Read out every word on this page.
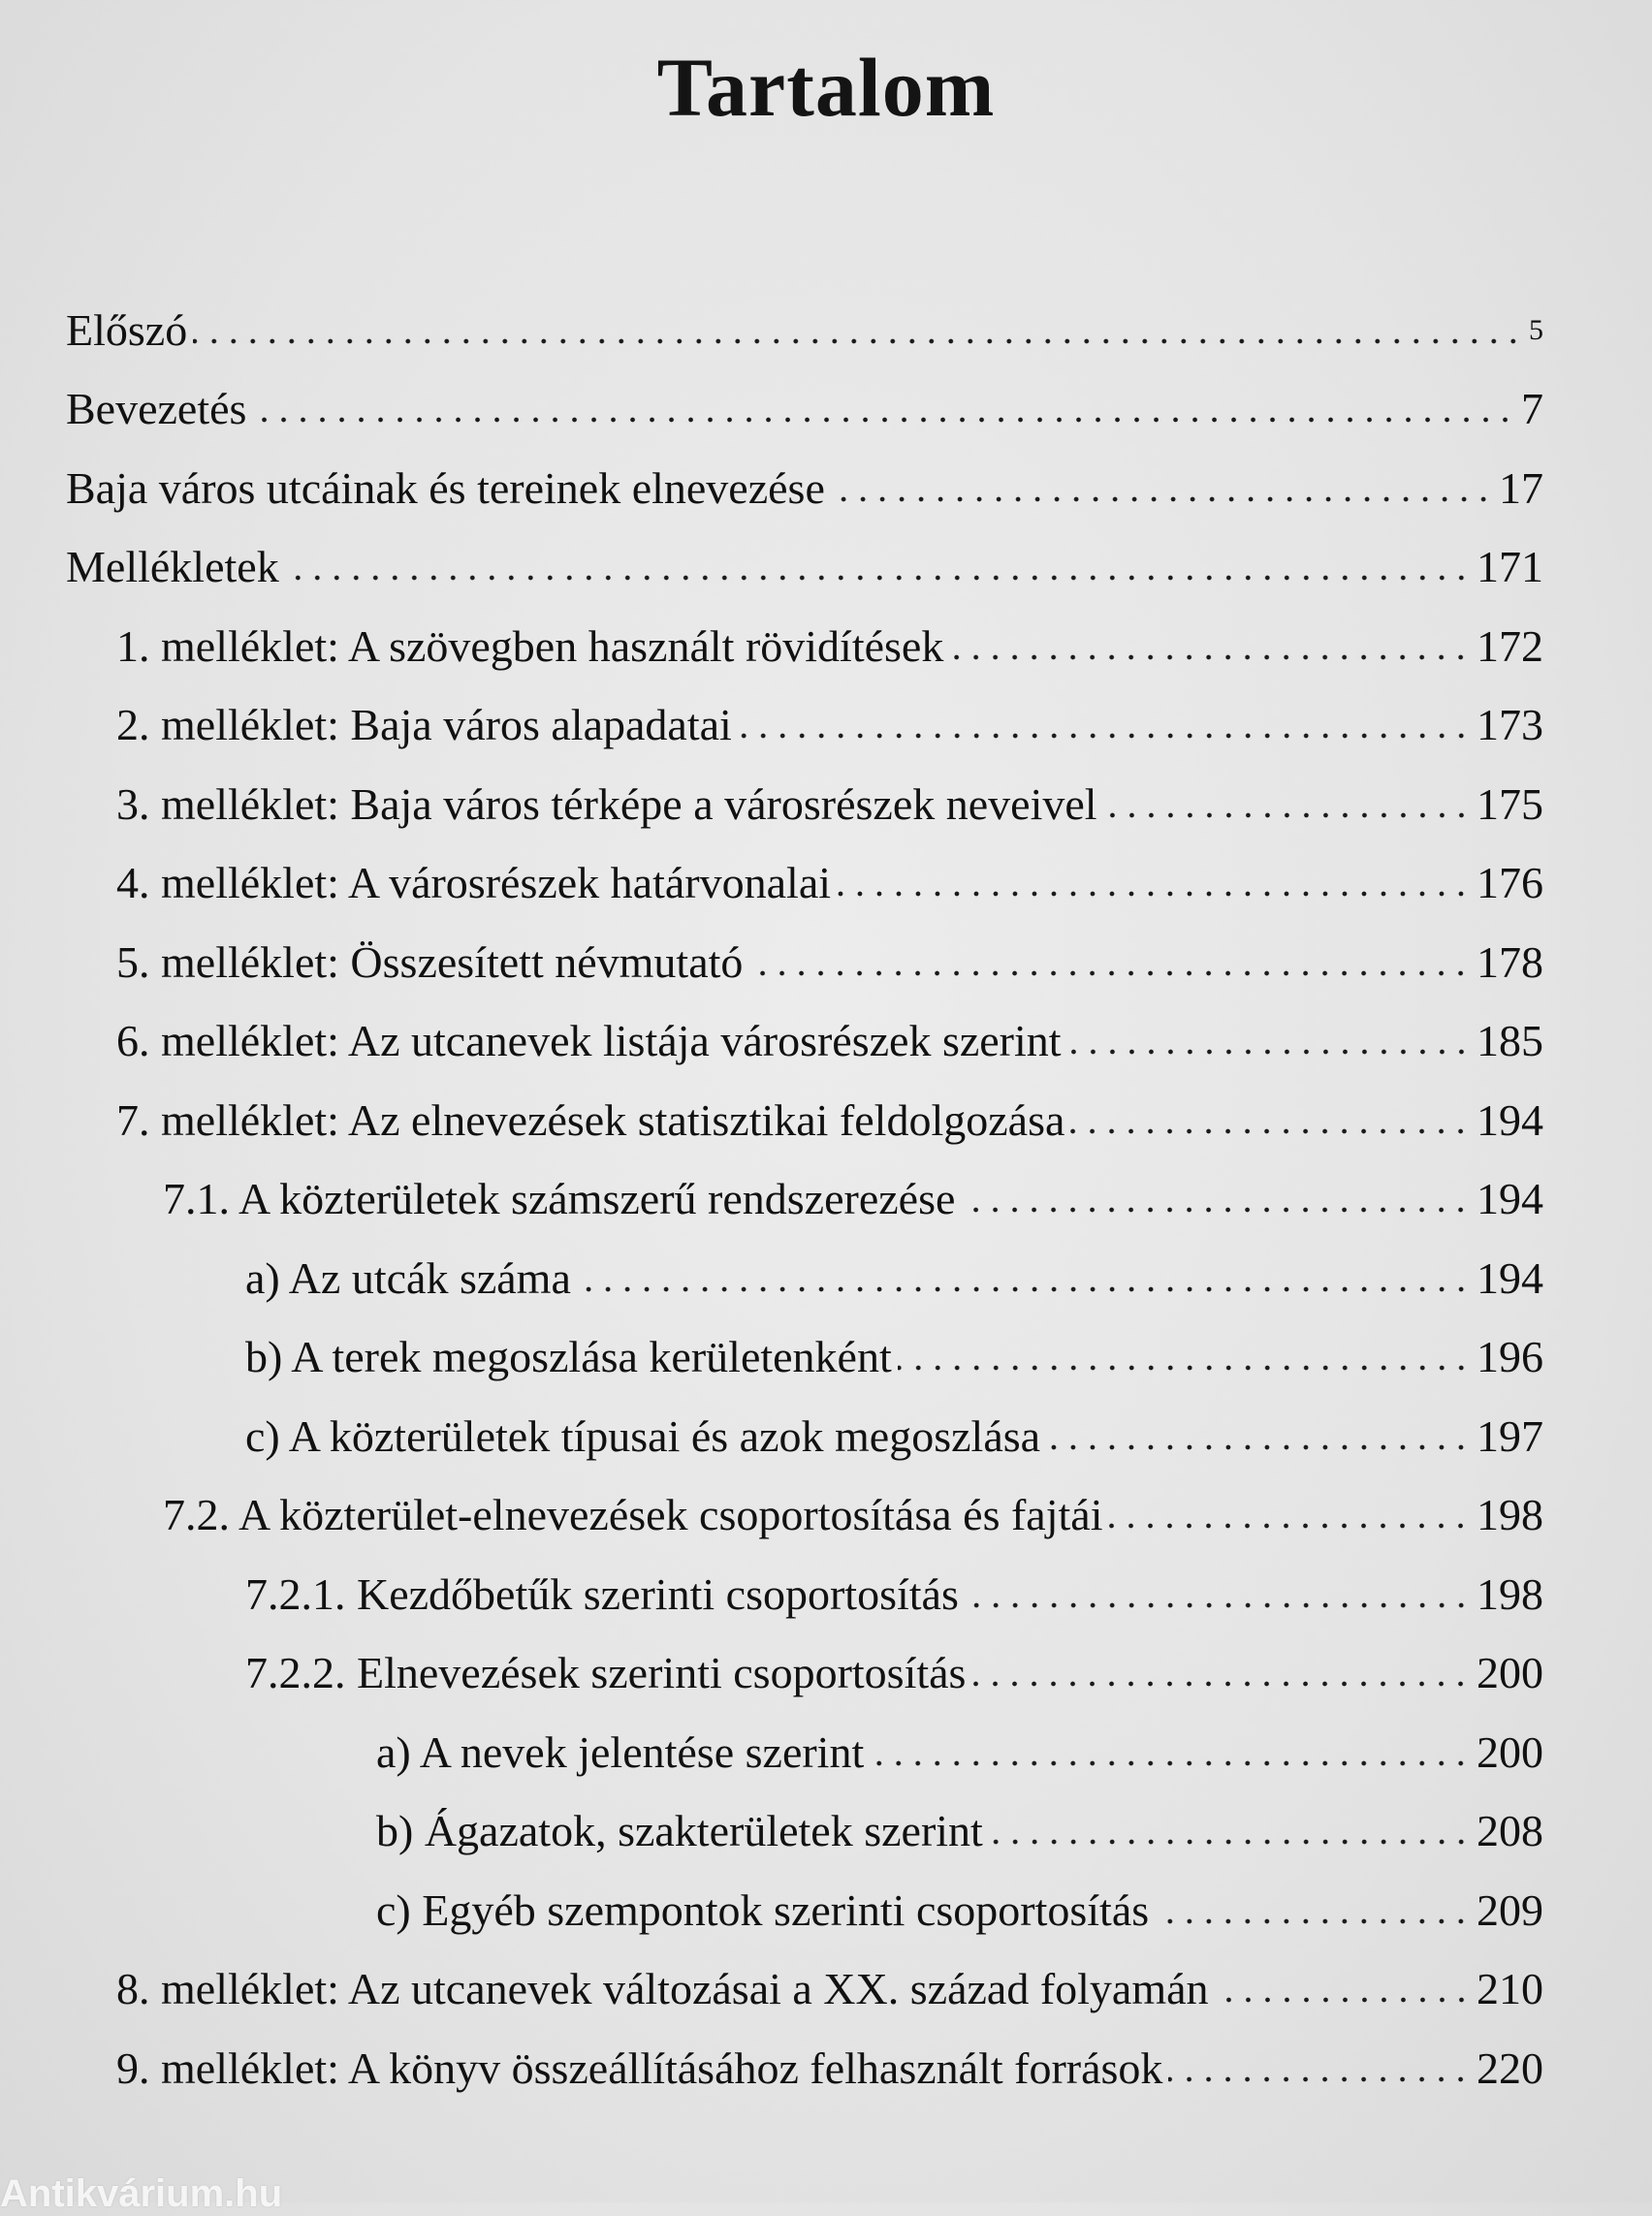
Tartalom
Előszó	5
Bevezetés	7
Baja város utcáinak és tereinek elnevezése	17
Mellékletek	171
1. melléklet: A szövegben használt rövidítések	172
2. melléklet: Baja város alapadatai	173
3. melléklet: Baja város térképe a városrészek neveivel	175
4. melléklet: A városrészek határvonalai	176
5. melléklet: Összesített névmutató	178
6. melléklet: Az utcanevek listája városrészek szerint	185
7. melléklet: Az elnevezések statisztikai feldolgozása	194
7.1. A közterületek számszerű rendszerezése	194
a) Az utcák száma	194
b) A terek megoszlása kerületenként	196
c) A közterületek típusai és azok megoszlása	197
7.2. A közterület-elnevezések csoportosítása és fajtái	198
7.2.1. Kezdőbetűk szerinti csoportosítás	198
7.2.2. Elnevezések szerinti csoportosítás	200
a) A nevek jelentése szerint	200
b) Ágazatok, szakterületek szerint	208
c) Egyéb szempontok szerinti csoportosítás	209
8. melléklet: Az utcanevek változásai a XX. század folyamán	210
9. melléklet: A könyv összeállításához felhasznált források	220
Antikvárium.hu
